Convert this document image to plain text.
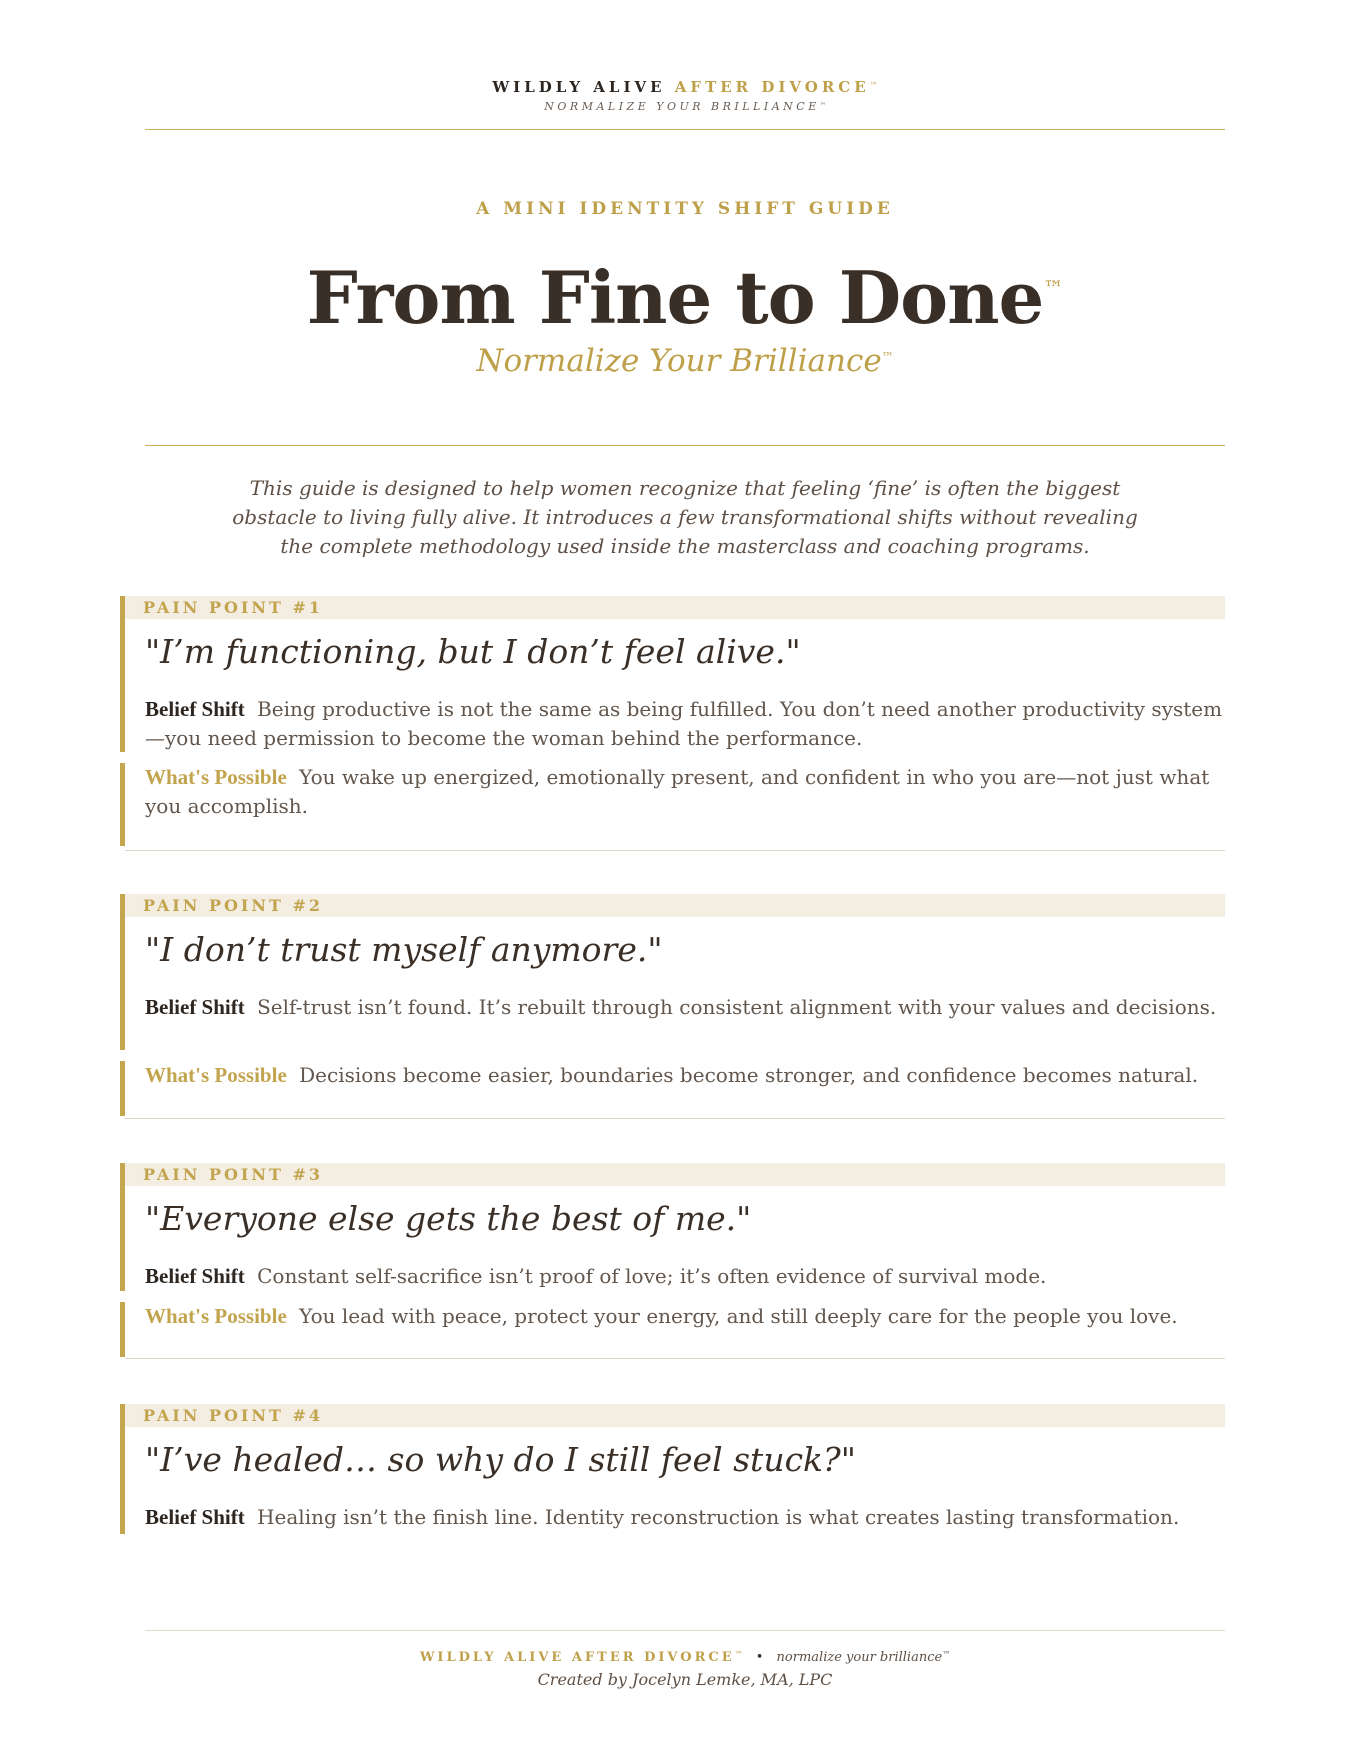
WILDLY ALIVE AFTER DIVORCE™
NORMALIZE YOUR BRILLIANCE™
A MINI IDENTITY SHIFT GUIDE
From Fine to Done™
Normalize Your Brilliance™
This guide is designed to help women recognize that feeling ‘fine’ is often the biggest obstacle to living fully alive. It introduces a few transformational shifts without revealing the complete methodology used inside the masterclass and coaching programs.
PAIN POINT #1
"I’m functioning, but I don’t feel alive."
Belief Shift Being productive is not the same as being fulfilled. You don’t need another productivity system—you need permission to become the woman behind the performance.
What's Possible You wake up energized, emotionally present, and confident in who you are—not just what you accomplish.
PAIN POINT #2
"I don’t trust myself anymore."
Belief Shift Self-trust isn’t found. It’s rebuilt through consistent alignment with your values and decisions.
What's Possible Decisions become easier, boundaries become stronger, and confidence becomes natural.
PAIN POINT #3
"Everyone else gets the best of me."
Belief Shift Constant self-sacrifice isn’t proof of love; it’s often evidence of survival mode.
What's Possible You lead with peace, protect your energy, and still deeply care for the people you love.
PAIN POINT #4
"I’ve healed… so why do I still feel stuck?"
Belief Shift Healing isn’t the finish line. Identity reconstruction is what creates lasting transformation.
WILDLY ALIVE AFTER DIVORCE™ • normalize your brilliance™
Created by Jocelyn Lemke, MA, LPC
